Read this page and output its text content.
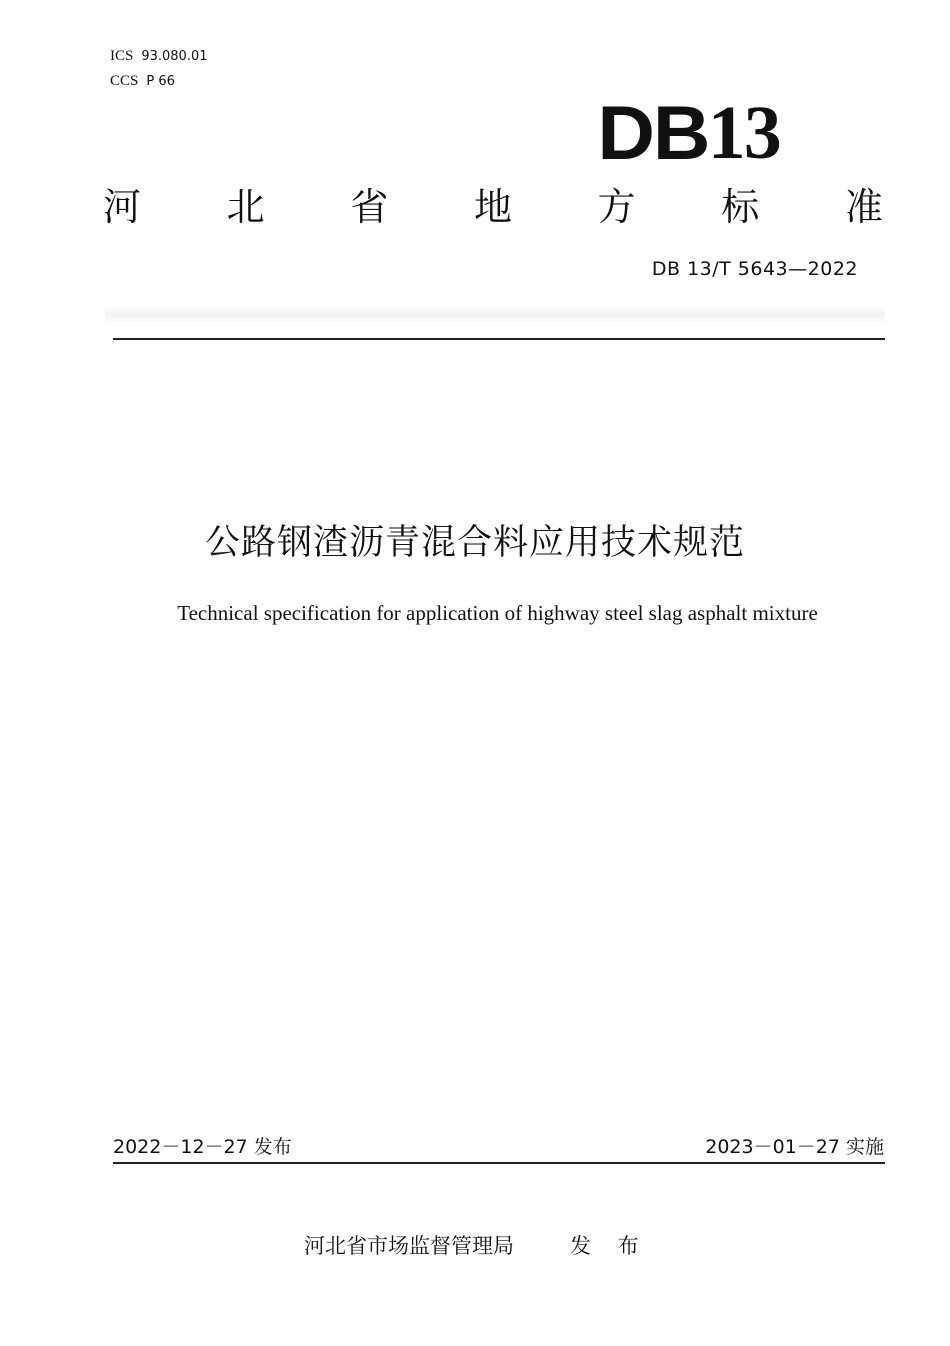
ICS 93.080.01
CCS P 66
DB 13
河 北 省 地 方 标 准
DB 13/T 5643—2022
公路钢渣沥青混合料应用技术规范
Technical specification for application of highway steel slag asphalt mixture
2022－12－27 发布	2023－01－27 实施
河北省市场监督管理局	发 布
